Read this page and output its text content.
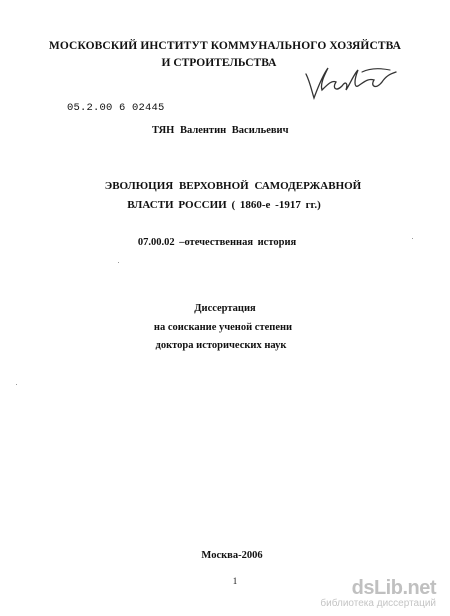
МОСКОВСКИЙ ИНСТИТУТ КОММУНАЛЬНОГО ХОЗЯЙСТВА
И СТРОИТЕЛЬСТВА
05.2.00 6 02445
ТЯН Валентин Васильевич
ЭВОЛЮЦИЯ ВЕРХОВНОЙ САМОДЕРЖАВНОЙ
ВЛАСТИ РОССИИ ( 1860-е -1917 гг.)
07.00.02 –отечественная история
Диссертация
на соискание ученой степени
доктора исторических наук
Москва-2006
1	dsLib.net
библиотека диссертаций
